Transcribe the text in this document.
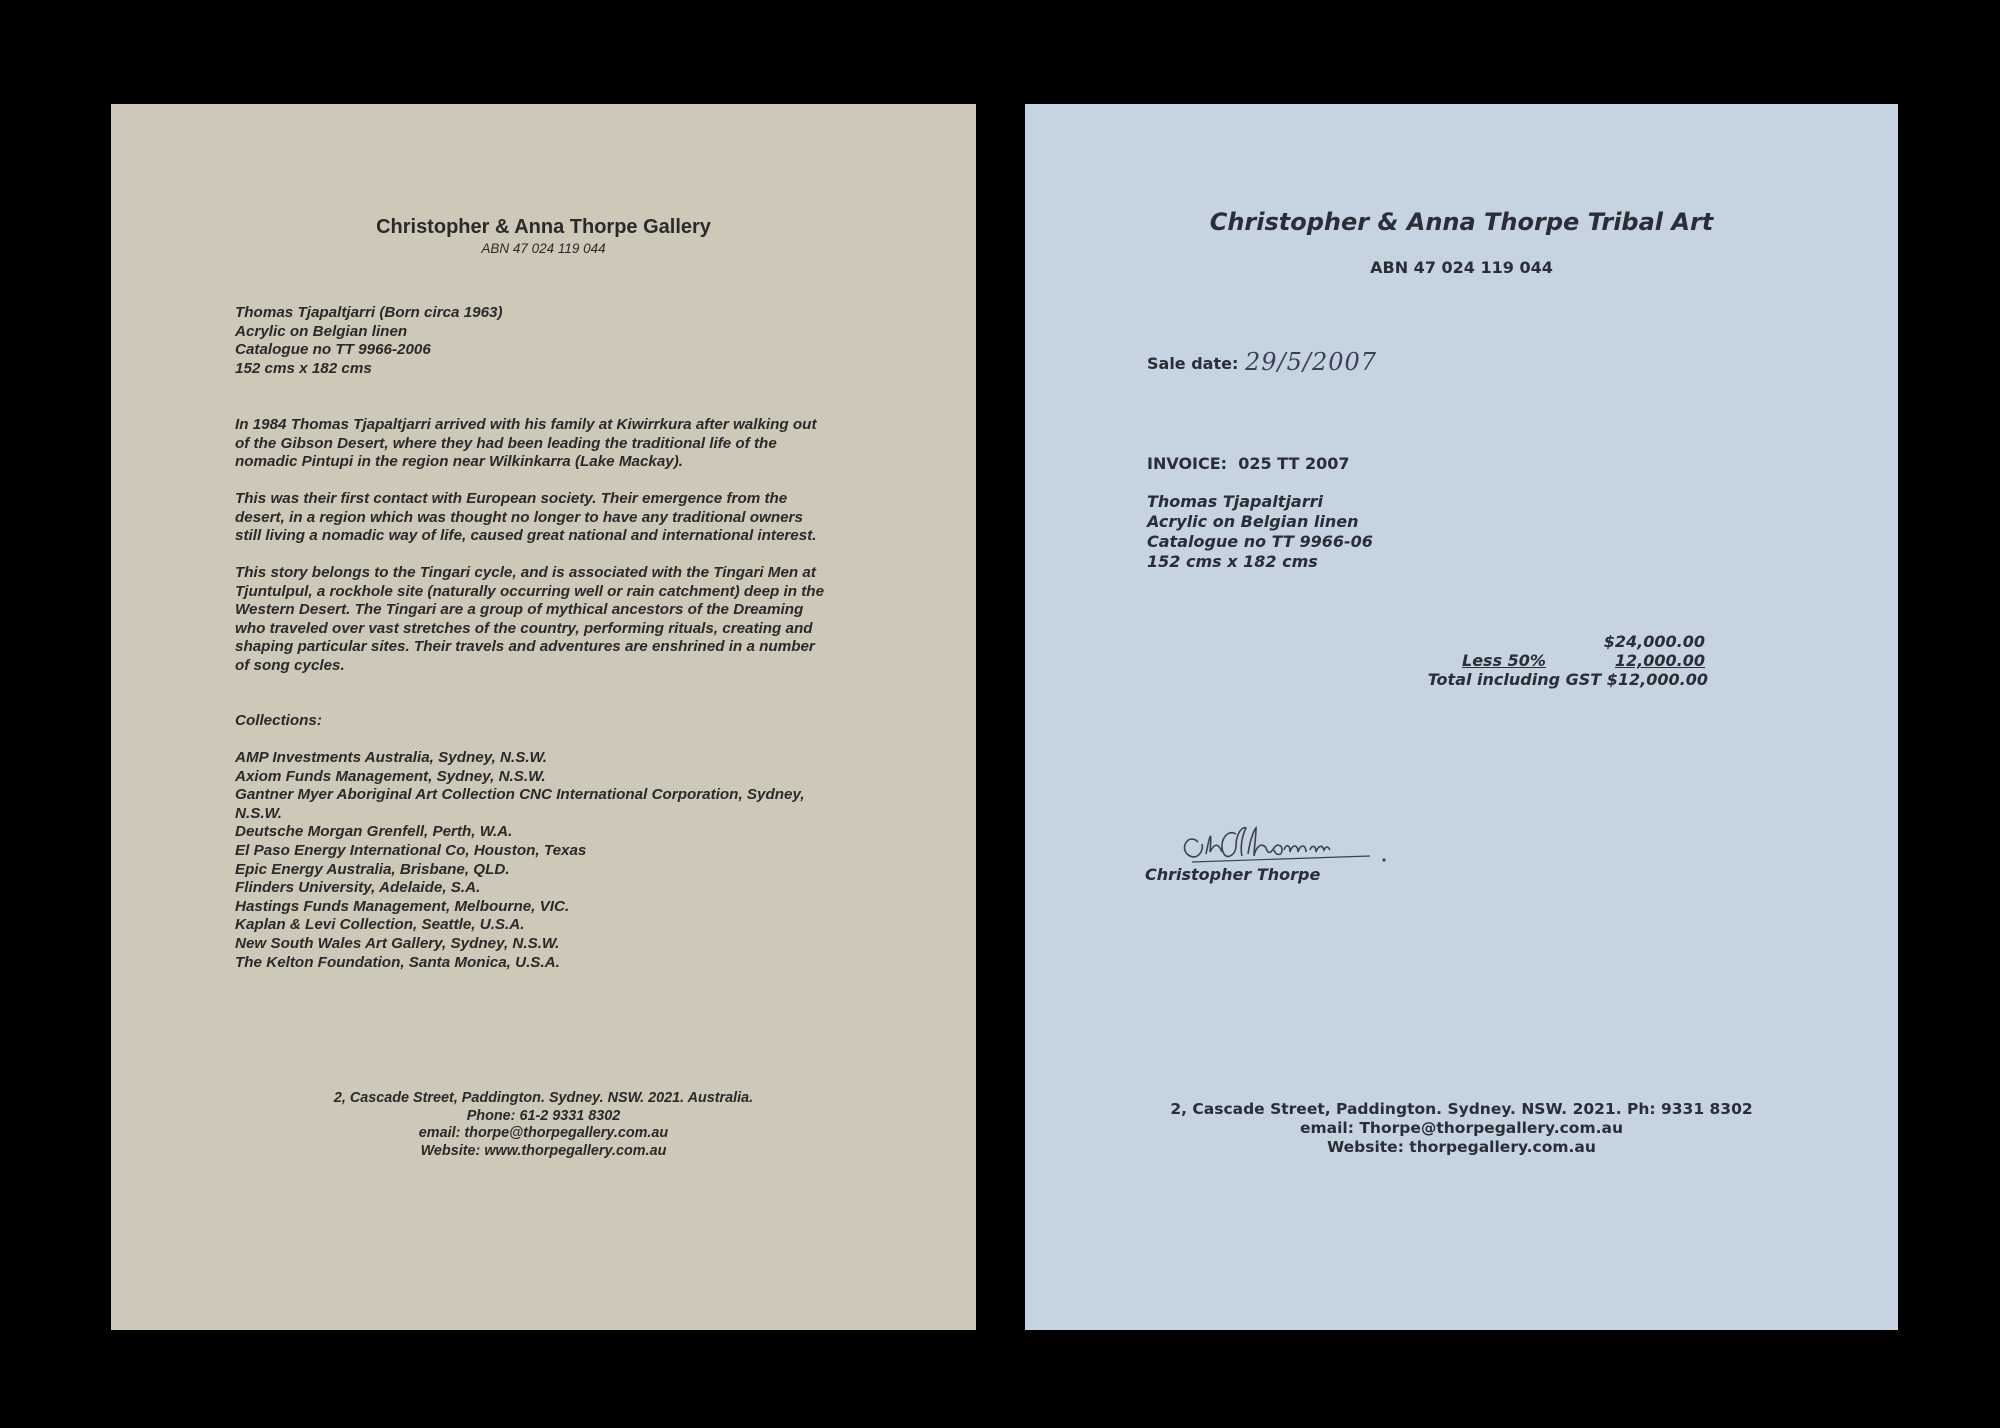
Christopher & Anna Thorpe Gallery
ABN 47 024 119 044
Thomas Tjapaltjarri (Born circa 1963)
Acrylic on Belgian linen
Catalogue no TT 9966-2006
152 cms x 182 cms
In 1984 Thomas Tjapaltjarri arrived with his family at Kiwirrkura after walking out
of the Gibson Desert, where they had been leading the traditional life of the
nomadic Pintupi in the region near Wilkinkarra (Lake Mackay).
This was their first contact with European society. Their emergence from the
desert, in a region which was thought no longer to have any traditional owners
still living a nomadic way of life, caused great national and international interest.
This story belongs to the Tingari cycle, and is associated with the Tingari Men at
Tjuntulpul, a rockhole site (naturally occurring well or rain catchment) deep in the
Western Desert. The Tingari are a group of mythical ancestors of the Dreaming
who traveled over vast stretches of the country, performing rituals, creating and
shaping particular sites. Their travels and adventures are enshrined in a number
of song cycles.
Collections:
AMP Investments Australia, Sydney, N.S.W.
Axiom Funds Management, Sydney, N.S.W.
Gantner Myer Aboriginal Art Collection CNC International Corporation, Sydney,
N.S.W.
Deutsche Morgan Grenfell, Perth, W.A.
El Paso Energy International Co, Houston, Texas
Epic Energy Australia, Brisbane, QLD.
Flinders University, Adelaide, S.A.
Hastings Funds Management, Melbourne, VIC.
Kaplan & Levi Collection, Seattle, U.S.A.
New South Wales Art Gallery, Sydney, N.S.W.
The Kelton Foundation, Santa Monica, U.S.A.
2, Cascade Street, Paddington. Sydney. NSW. 2021. Australia.
Phone: 61-2 9331 8302
email: thorpe@thorpegallery.com.au
Website: www.thorpegallery.com.au
Christopher & Anna Thorpe Tribal Art
ABN 47 024 119 044
Sale date: 29/5/2007
INVOICE:  025 TT 2007
Thomas Tjapaltjarri
Acrylic on Belgian linen
Catalogue no TT 9966-06
152 cms x 182 cms
$24,000.00
Less 50%	12,000.00
Total including GST $12,000.00
Christopher Thorpe
2, Cascade Street, Paddington. Sydney. NSW. 2021. Ph: 9331 8302
email: Thorpe@thorpegallery.com.au
Website: thorpegallery.com.au
